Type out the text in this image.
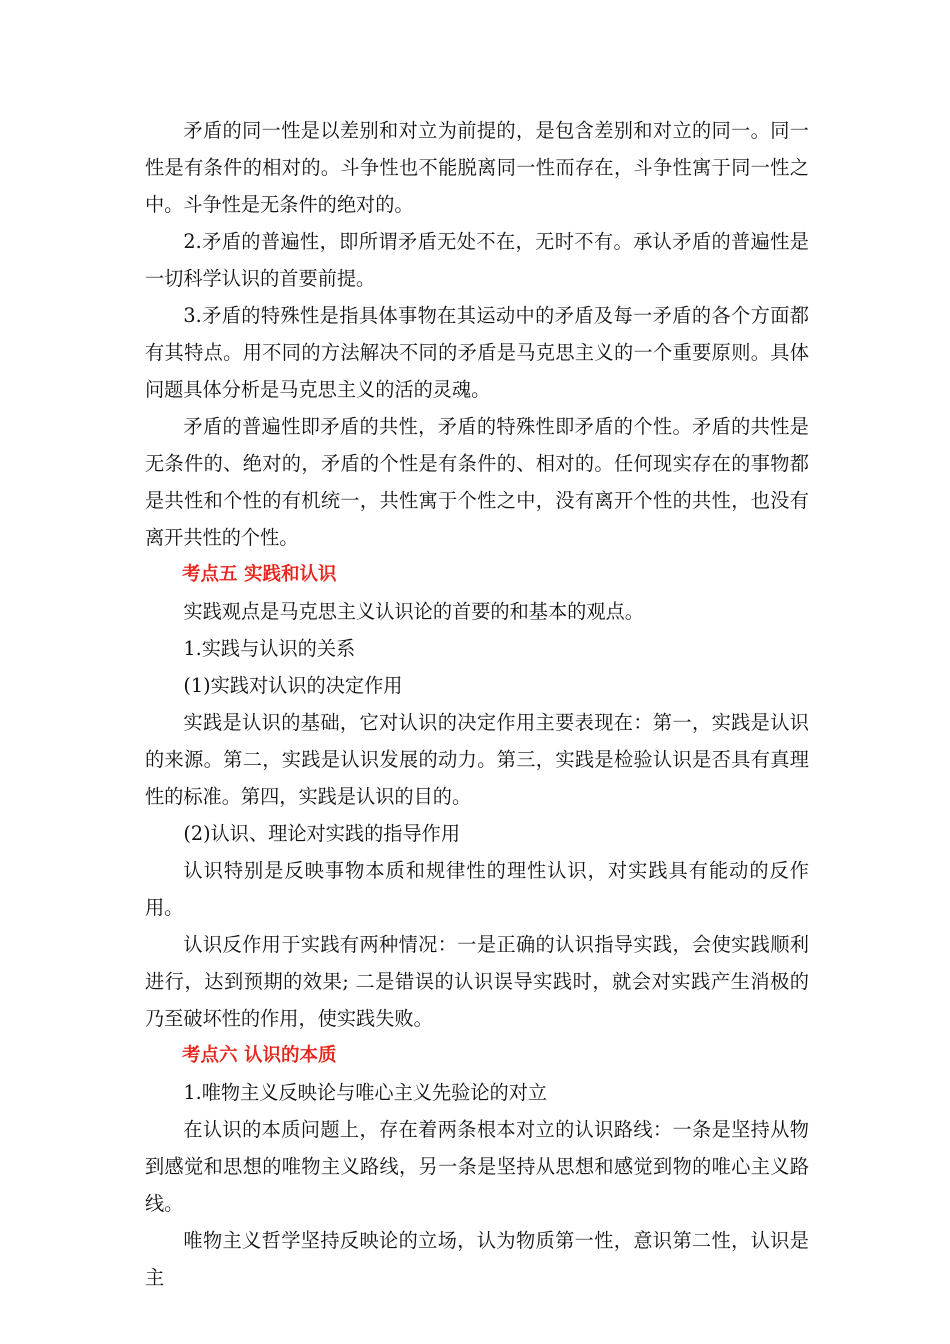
矛盾的同一性是以差别和对立为前提的，是包含差别和对立的同一。同一性是有条件的相对的。斗争性也不能脱离同一性而存在，斗争性寓于同一性之中。斗争性是无条件的绝对的。

2.矛盾的普遍性，即所谓矛盾无处不在，无时不有。承认矛盾的普遍性是一切科学认识的首要前提。

3.矛盾的特殊性是指具体事物在其运动中的矛盾及每一矛盾的各个方面都有其特点。用不同的方法解决不同的矛盾是马克思主义的一个重要原则。具体问题具体分析是马克思主义的活的灵魂。

矛盾的普遍性即矛盾的共性，矛盾的特殊性即矛盾的个性。矛盾的共性是无条件的、绝对的，矛盾的个性是有条件的、相对的。任何现实存在的事物都是共性和个性的有机统一，共性寓于个性之中，没有离开个性的共性，也没有离开共性的个性。

考点五 实践和认识

实践观点是马克思主义认识论的首要的和基本的观点。

1.实践与认识的关系

(1)实践对认识的决定作用

实践是认识的基础，它对认识的决定作用主要表现在：第一，实践是认识的来源。第二，实践是认识发展的动力。第三，实践是检验认识是否具有真理性的标准。第四，实践是认识的目的。

(2)认识、理论对实践的指导作用

认识特别是反映事物本质和规律性的理性认识，对实践具有能动的反作用。

认识反作用于实践有两种情况：一是正确的认识指导实践，会使实践顺利进行，达到预期的效果; 二是错误的认识误导实践时，就会对实践产生消极的乃至破坏性的作用，使实践失败。

考点六 认识的本质

1.唯物主义反映论与唯心主义先验论的对立

在认识的本质问题上，存在着两条根本对立的认识路线：一条是坚持从物到感觉和思想的唯物主义路线，另一条是坚持从思想和感觉到物的唯心主义路线。

唯物主义哲学坚持反映论的立场，认为物质第一性，意识第二性，认识是主
